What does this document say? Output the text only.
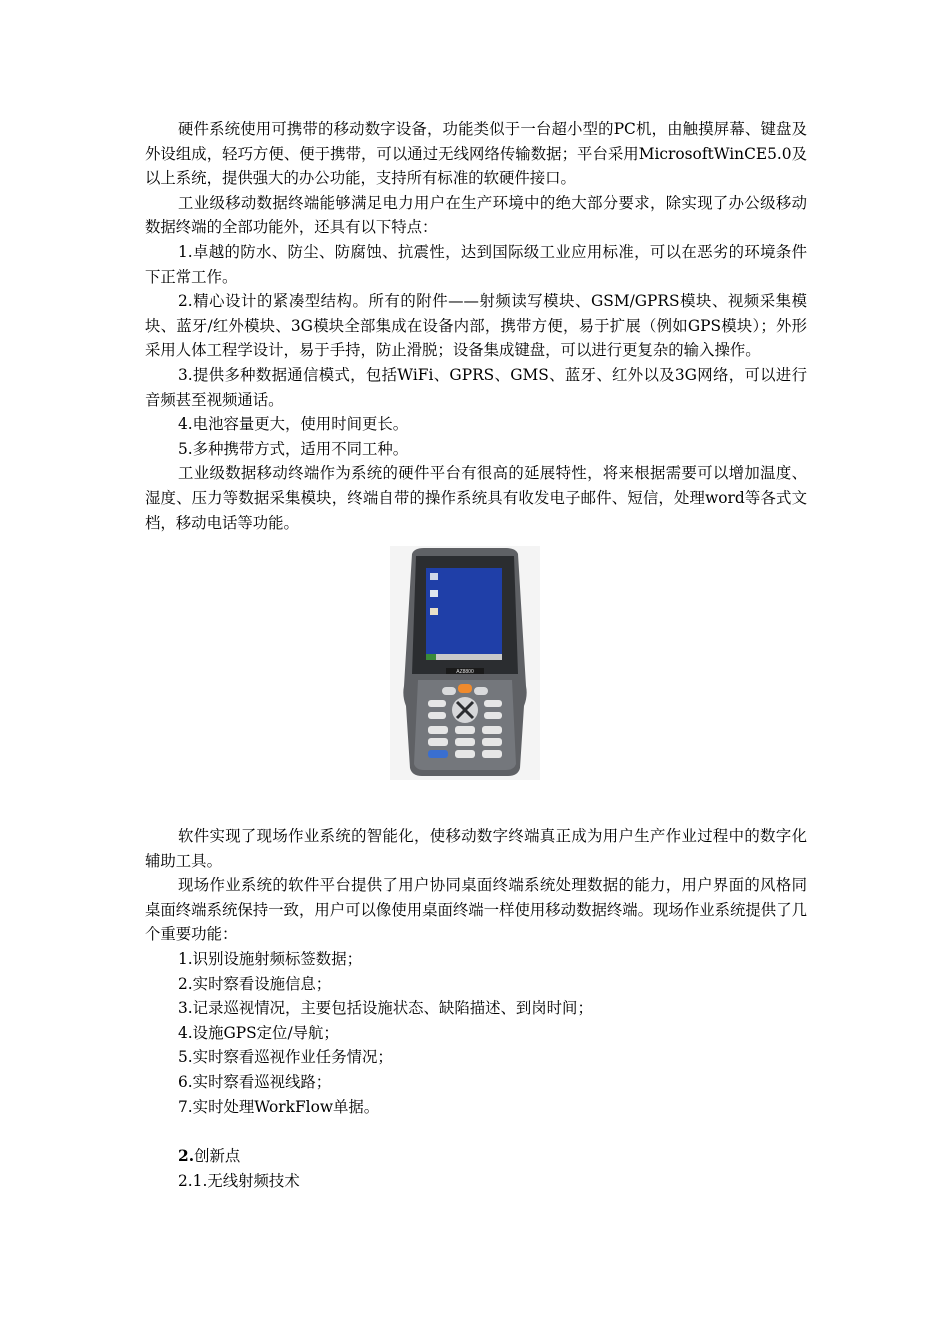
硬件系统使用可携带的移动数字设备，功能类似于一台超小型的PC机，由触摸屏幕、键盘及外设组成，轻巧方便、便于携带，可以通过无线网络传输数据；平台采用MicrosoftWinCE5.0及以上系统，提供强大的办公功能，支持所有标准的软硬件接口。

工业级移动数据终端能够满足电力用户在生产环境中的绝大部分要求，除实现了办公级移动数据终端的全部功能外，还具有以下特点：

1.卓越的防水、防尘、防腐蚀、抗震性，达到国际级工业应用标准，可以在恶劣的环境条件下正常工作。

2.精心设计的紧凑型结构。所有的附件——射频读写模块、GSM/GPRS模块、视频采集模块、蓝牙/红外模块、3G模块全部集成在设备内部，携带方便，易于扩展（例如GPS模块）；外形采用人体工程学设计，易于手持，防止滑脱；设备集成键盘，可以进行更复杂的输入操作。

3.提供多种数据通信模式，包括WiFi、GPRS、GMS、蓝牙、红外以及3G网络，可以进行音频甚至视频通话。

4.电池容量更大，使用时间更长。

5.多种携带方式，适用不同工种。

工业级数据移动终端作为系统的硬件平台有很高的延展特性，将来根据需要可以增加温度、湿度、压力等数据采集模块，终端自带的操作系统具有收发电子邮件、短信，处理word等各式文档，移动电话等功能。

AZ8800

软件实现了现场作业系统的智能化，使移动数字终端真正成为用户生产作业过程中的数字化辅助工具。

现场作业系统的软件平台提供了用户协同桌面终端系统处理数据的能力，用户界面的风格同桌面终端系统保持一致，用户可以像使用桌面终端一样使用移动数据终端。现场作业系统提供了几个重要功能：

1.识别设施射频标签数据；

2.实时察看设施信息；

3.记录巡视情况，主要包括设施状态、缺陷描述、到岗时间；

4.设施GPS定位/导航；

5.实时察看巡视作业任务情况；

6.实时察看巡视线路；

7.实时处理WorkFlow单据。

2.创新点

2.1.无线射频技术
